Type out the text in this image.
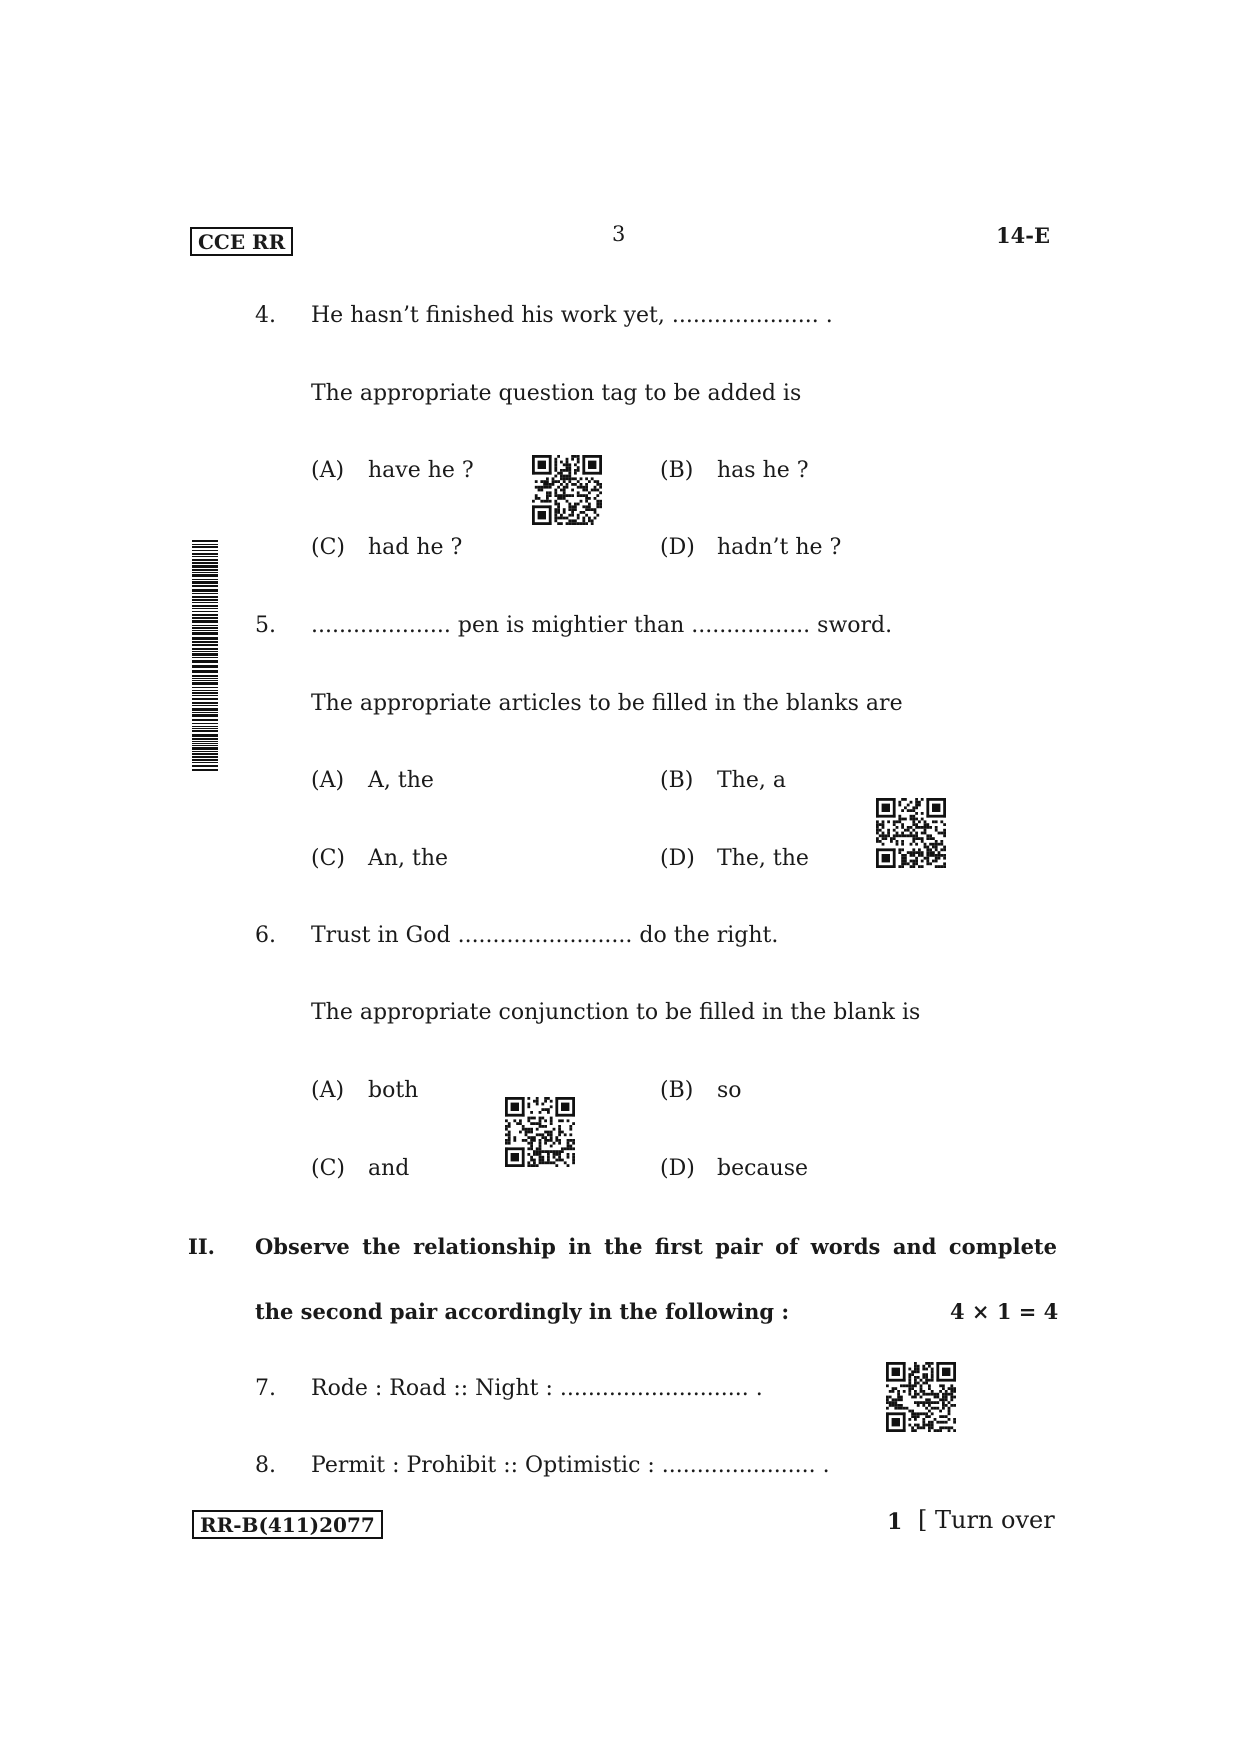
CCE RR	3	14-E
4. He hasn’t finished his work yet, ..................... .
The appropriate question tag to be added is
(A) have he ?	(B) has he ?
(C) had he ?	(D) hadn’t he ?
5. .................... pen is mightier than ................. sword.
The appropriate articles to be filled in the blanks are
(A) A, the	(B) The, a
(C) An, the	(D) The, the
6. Trust in God ......................... do the right.
The appropriate conjunction to be filled in the blank is
(A) both	(B) so
(C) and	(D) because
II. Observe the relationship in the first pair of words and complete
the second pair accordingly in the following :	4 × 1 = 4
7. Rode : Road :: Night : ........................... .
8. Permit : Prohibit :: Optimistic : ...................... .
RR-B(411)2077	1 [ Turn over
